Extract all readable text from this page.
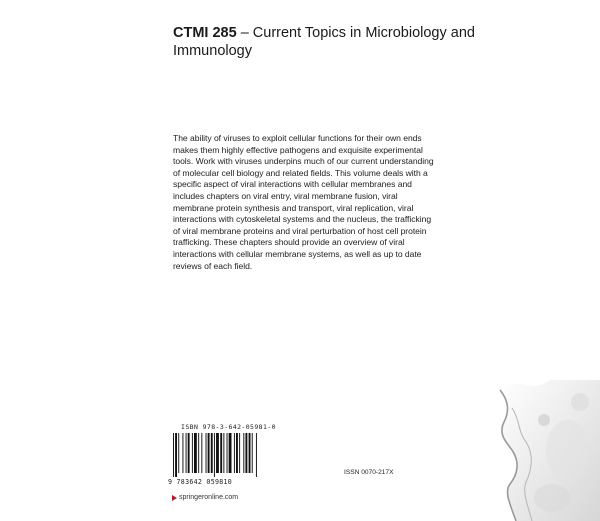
CTMI 285 – Current Topics in Microbiology and Immunology
The ability of viruses to exploit cellular functions for their own ends makes them highly effective pathogens and exquisite experimental tools. Work with viruses underpins much of our current understanding of molecular cell biology and related fields. This volume deals with a specific aspect of viral interactions with cellular membranes and includes chapters on viral entry, viral membrane fusion, viral membrane protein synthesis and transport, viral replication, viral interactions with cytoskeletal systems and the nucleus, the trafficking of viral membrane proteins and viral perturbation of host cell protein trafficking. These chapters should provide an overview of viral interactions with cellular membrane systems, as well as up to date reviews of each field.
ISBN 978-3-642-05981-0
9 783642 059810
ISSN 0070-217X
springeronline.com
